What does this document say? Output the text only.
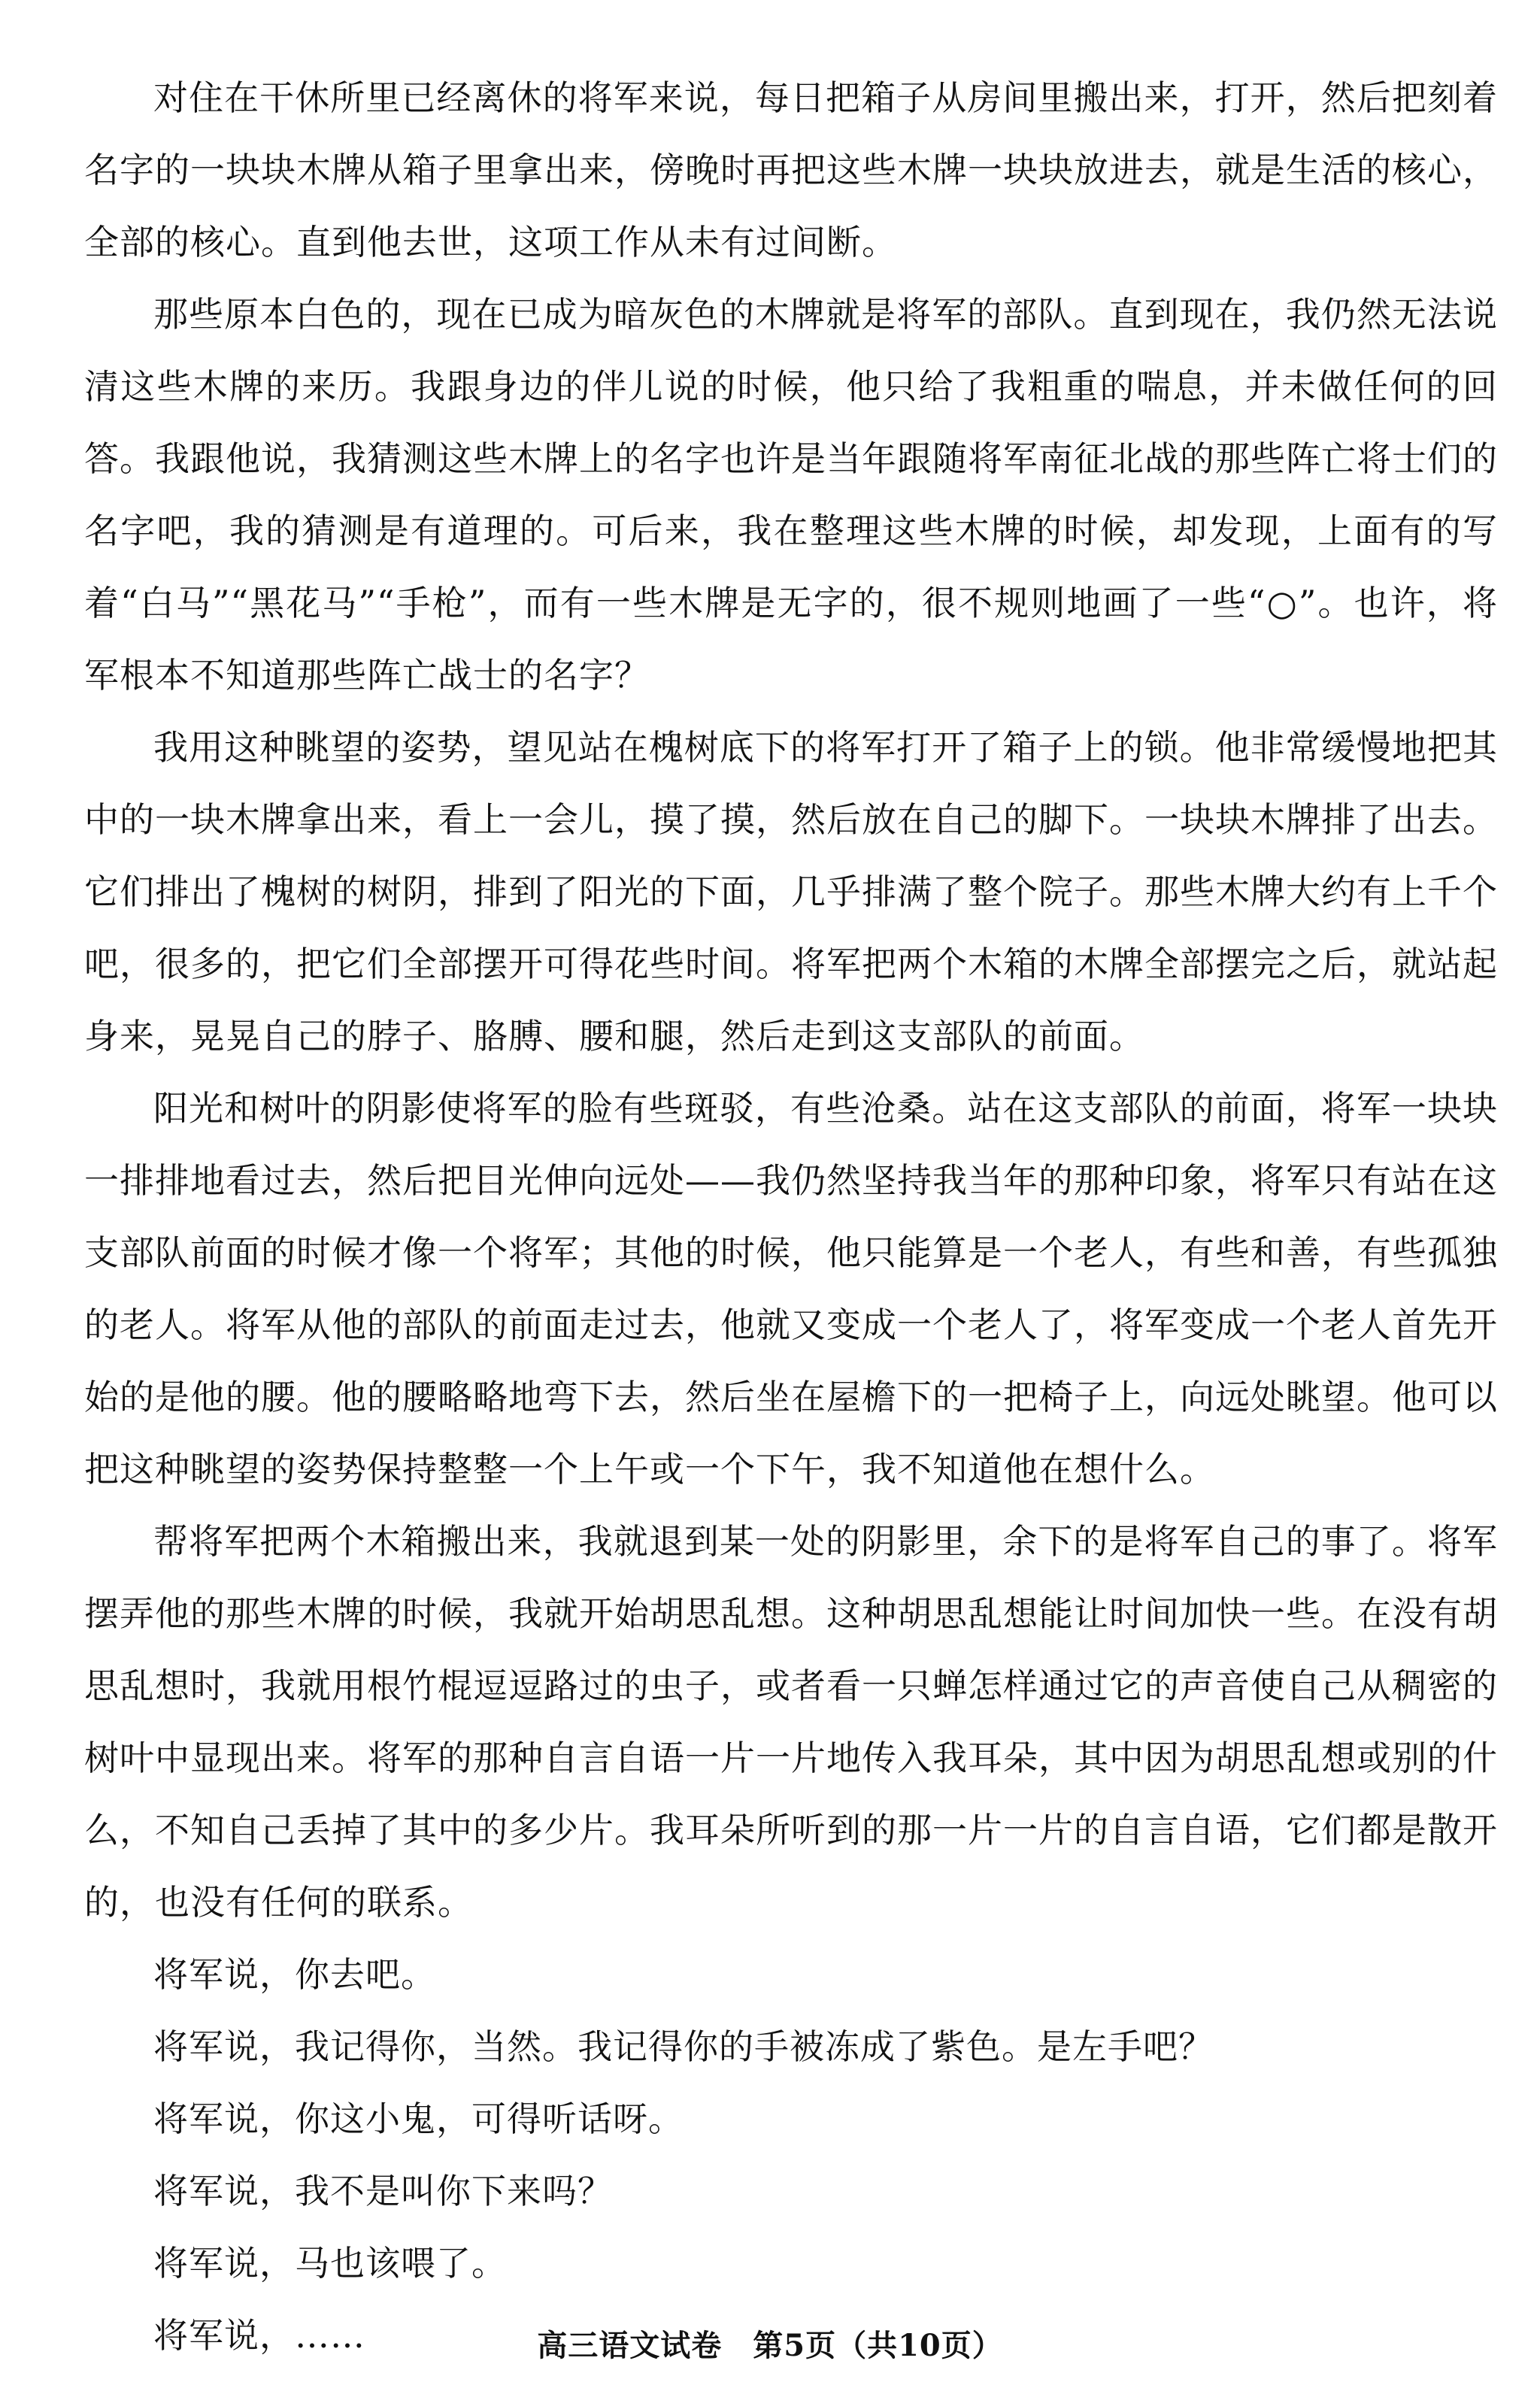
对住在干休所里已经离休的将军来说，每日把箱子从房间里搬出来，打开，然后把刻着名字的一块块木牌从箱子里拿出来，傍晚时再把这些木牌一块块放进去，就是生活的核心，全部的核心。直到他去世，这项工作从未有过间断。

那些原本白色的，现在已成为暗灰色的木牌就是将军的部队。直到现在，我仍然无法说清这些木牌的来历。我跟身边的伴儿说的时候，他只给了我粗重的喘息，并未做任何的回答。我跟他说，我猜测这些木牌上的名字也许是当年跟随将军南征北战的那些阵亡将士们的名字吧，我的猜测是有道理的。可后来，我在整理这些木牌的时候，却发现，上面有的写着“白马”“黑花马”“手枪”，而有一些木牌是无字的，很不规则地画了一些“○”。也许，将军根本不知道那些阵亡战士的名字？

我用这种眺望的姿势，望见站在槐树底下的将军打开了箱子上的锁。他非常缓慢地把其中的一块木牌拿出来，看上一会儿，摸了摸，然后放在自己的脚下。一块块木牌排了出去。它们排出了槐树的树阴，排到了阳光的下面，几乎排满了整个院子。那些木牌大约有上千个吧，很多的，把它们全部摆开可得花些时间。将军把两个木箱的木牌全部摆完之后，就站起身来，晃晃自己的脖子、胳膊、腰和腿，然后走到这支部队的前面。

阳光和树叶的阴影使将军的脸有些斑驳，有些沧桑。站在这支部队的前面，将军一块块一排排地看过去，然后把目光伸向远处——我仍然坚持我当年的那种印象，将军只有站在这支部队前面的时候才像一个将军；其他的时候，他只能算是一个老人，有些和善，有些孤独的老人。将军从他的部队的前面走过去，他就又变成一个老人了，将军变成一个老人首先开始的是他的腰。他的腰略略地弯下去，然后坐在屋檐下的一把椅子上，向远处眺望。他可以把这种眺望的姿势保持整整一个上午或一个下午，我不知道他在想什么。

帮将军把两个木箱搬出来，我就退到某一处的阴影里，余下的是将军自己的事了。将军摆弄他的那些木牌的时候，我就开始胡思乱想。这种胡思乱想能让时间加快一些。在没有胡思乱想时，我就用根竹棍逗逗路过的虫子，或者看一只蝉怎样通过它的声音使自己从稠密的树叶中显现出来。将军的那种自言自语一片一片地传入我耳朵，其中因为胡思乱想或别的什么，不知自己丢掉了其中的多少片。我耳朵所听到的那一片一片的自言自语，它们都是散开的，也没有任何的联系。

将军说，你去吧。

将军说，我记得你，当然。我记得你的手被冻成了紫色。是左手吧？

将军说，你这小鬼，可得听话呀。

将军说，我不是叫你下来吗？

将军说，马也该喂了。

将军说，……	高三语文试卷　第5页（共10页）
